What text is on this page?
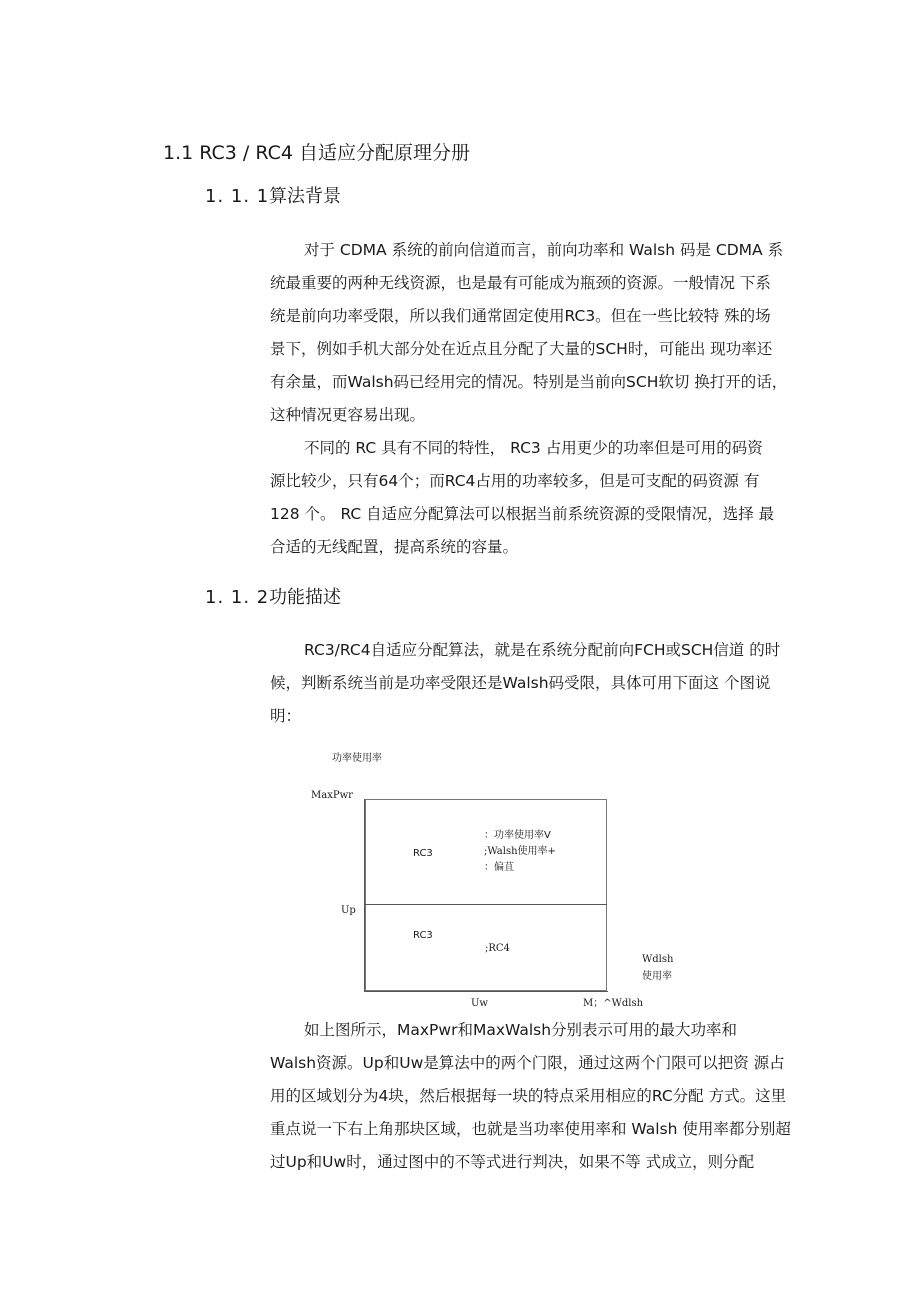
1.1 RC3 / RC4 自适应分配原理分册
1. 1. 1算法背景

对于 CDMA 系统的前向信道而言，前向功率和 Walsh 码是 CDMA 系
统最重要的两种无线资源，也是最有可能成为瓶颈的资源。一般情况 下系
统是前向功率受限，所以我们通常固定使用RC3。但在一些比较特 殊的场
景下，例如手机大部分处在近点且分配了大量的SCH时，可能出 现功率还
有余量，而Walsh码已经用完的情况。特别是当前向SCH软切 换打开的话，
这种情况更容易出现。

不同的 RC 具有不同的特性， RC3 占用更少的功率但是可用的码资
源比较少，只有64个；而RC4占用的功率较多，但是可支配的码资源 有
128 个。 RC 自适应分配算法可以根据当前系统资源的受限情况，选择 最
合适的无线配置，提高系统的容量。

1. 1. 2功能描述

RC3/RC4自适应分配算法，就是在系统分配前向FCH或SCH信道 的时
候，判断系统当前是功率受限还是Walsh码受限，具体可用下面这 个图说
明：

功率使用率
MaxPwr
Up
RC3
：功率使用率V
;Walsh使用率+
：偏苴
RC3
;RC4
Wdlsh
使用率
Uw	M；^Wdlsh

如上图所示，MaxPwr和MaxWalsh分别表示可用的最大功率和
Walsh资源。Up和Uw是算法中的两个门限，通过这两个门限可以把资 源占
用的区域划分为4块，然后根据每一块的特点采用相应的RC分配 方式。这里
重点说一下右上角那块区域，也就是当功率使用率和 Walsh 使用率都分别超
过Up和Uw时，通过图中的不等式进行判决，如果不等 式成立，则分配
